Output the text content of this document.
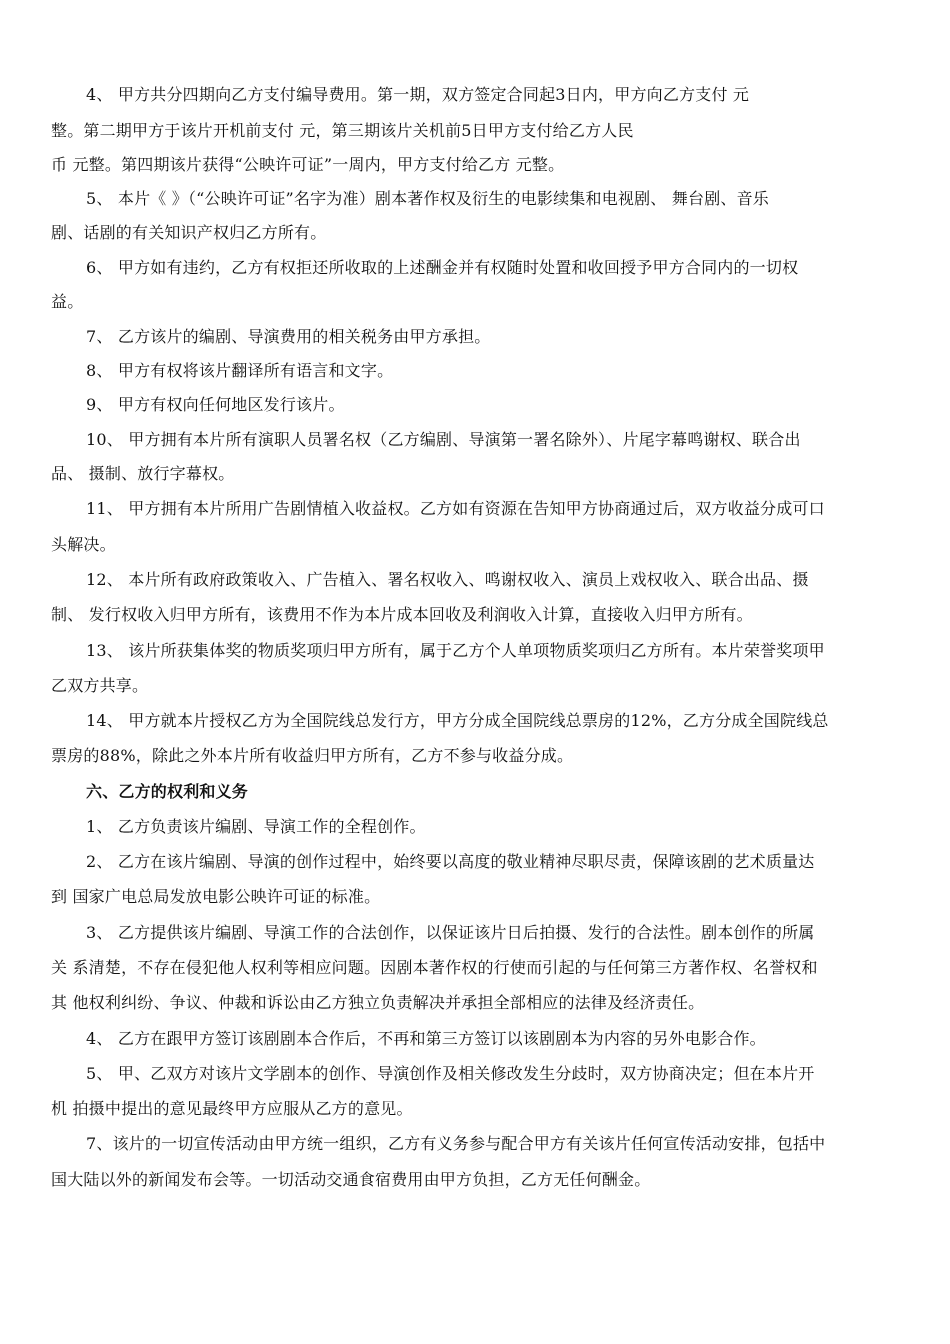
4、 甲方共分四期向乙方支付编导费用。第一期，双方签定合同起3日内，甲方向乙方支付 元
整。第二期甲方于该片开机前支付 元，第三期该片关机前5日甲方支付给乙方人民
币 元整。第四期该片获得“公映许可证”一周内，甲方支付给乙方 元整。
5、 本片《 》（“公映许可证”名字为准）剧本著作权及衍生的电影续集和电视剧、 舞台剧、音乐
剧、话剧的有关知识产权归乙方所有。
6、 甲方如有违约，乙方有权拒还所收取的上述酬金并有权随时处置和收回授予甲方合同内的一切权
益。
7、 乙方该片的编剧、导演费用的相关税务由甲方承担。
8、 甲方有权将该片翻译所有语言和文字。
9、 甲方有权向任何地区发行该片。
10、 甲方拥有本片所有演职人员署名权（乙方编剧、导演第一署名除外）、片尾字幕鸣谢权、联合出
品、 摄制、放行字幕权。
11、 甲方拥有本片所用广告剧情植入收益权。乙方如有资源在告知甲方协商通过后，双方收益分成可口
头解决。
12、 本片所有政府政策收入、广告植入、署名权收入、鸣谢权收入、演员上戏权收入、联合出品、摄
制、 发行权收入归甲方所有，该费用不作为本片成本回收及利润收入计算，直接收入归甲方所有。
13、 该片所获集体奖的物质奖项归甲方所有，属于乙方个人单项物质奖项归乙方所有。本片荣誉奖项甲
乙双方共享。
14、 甲方就本片授权乙方为全国院线总发行方，甲方分成全国院线总票房的12%，乙方分成全国院线总
票房的88%，除此之外本片所有收益归甲方所有，乙方不参与收益分成。
六、乙方的权利和义务
1、 乙方负责该片编剧、导演工作的全程创作。
2、 乙方在该片编剧、导演的创作过程中，始终要以高度的敬业精神尽职尽责，保障该剧的艺术质量达
到 国家广电总局发放电影公映许可证的标准。
3、 乙方提供该片编剧、导演工作的合法创作，以保证该片日后拍摄、发行的合法性。剧本创作的所属
关 系清楚，不存在侵犯他人权利等相应问题。因剧本著作权的行使而引起的与任何第三方著作权、名誉权和
其 他权利纠纷、争议、仲裁和诉讼由乙方独立负责解决并承担全部相应的法律及经济责任。
4、 乙方在跟甲方签订该剧剧本合作后，不再和第三方签订以该剧剧本为内容的另外电影合作。
5、 甲、乙双方对该片文学剧本的创作、导演创作及相关修改发生分歧时，双方协商决定；但在本片开
机 拍摄中提出的意见最终甲方应服从乙方的意见。
7、该片的一切宣传活动由甲方统一组织，乙方有义务参与配合甲方有关该片任何宣传活动安排，包括中
国大陆以外的新闻发布会等。一切活动交通食宿费用由甲方负担，乙方无任何酬金。
